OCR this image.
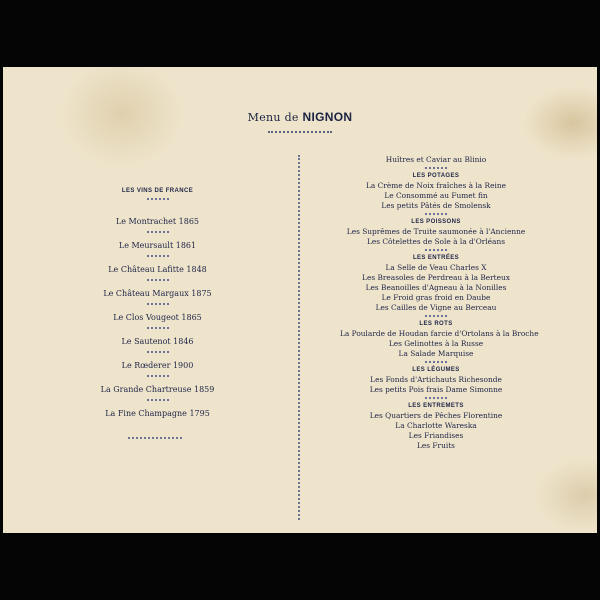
Menu de NIGNON

LES VINS DE FRANCE

Le Montrachet 1865

Le Meursault 1861

Le Château Lafitte 1848

Le Château Margaux 1875

Le Clos Vougeot 1865

Le Sautenot 1846

Le Rœderer 1900

La Grande Chartreuse 1859

La Fine Champagne 1795

Huîtres et Caviar au Blinio

LES POTAGES

La Crème de Noix fraîches à la Reine

Le Consommé au Fumet fin

Les petits Pâtés de Smolensk

LES POISSONS

Les Suprêmes de Truite saumonée à l'Ancienne

Les Côtelettes de Sole à la d'Orléans

LES ENTRÉES

La Selle de Veau Charles X

Les Breasoles de Perdreau à la Berteux

Les Beanoilles d'Agneau à la Nonilles

Le Froid gras froid en Daube

Les Cailles de Vigne au Berceau

LES ROTS

La Poularde de Houdan farcie d'Ortolans à la Broche

Les Gelinottes à la Russe

La Salade Marquise

LES LÉGUMES

Les Fonds d'Artichauts Richesonde

Les petits Pois frais Dame Simonne

LES ENTREMETS

Les Quartiers de Pêches Florentine

La Charlotte Wareska

Les Friandises

Les Fruits
